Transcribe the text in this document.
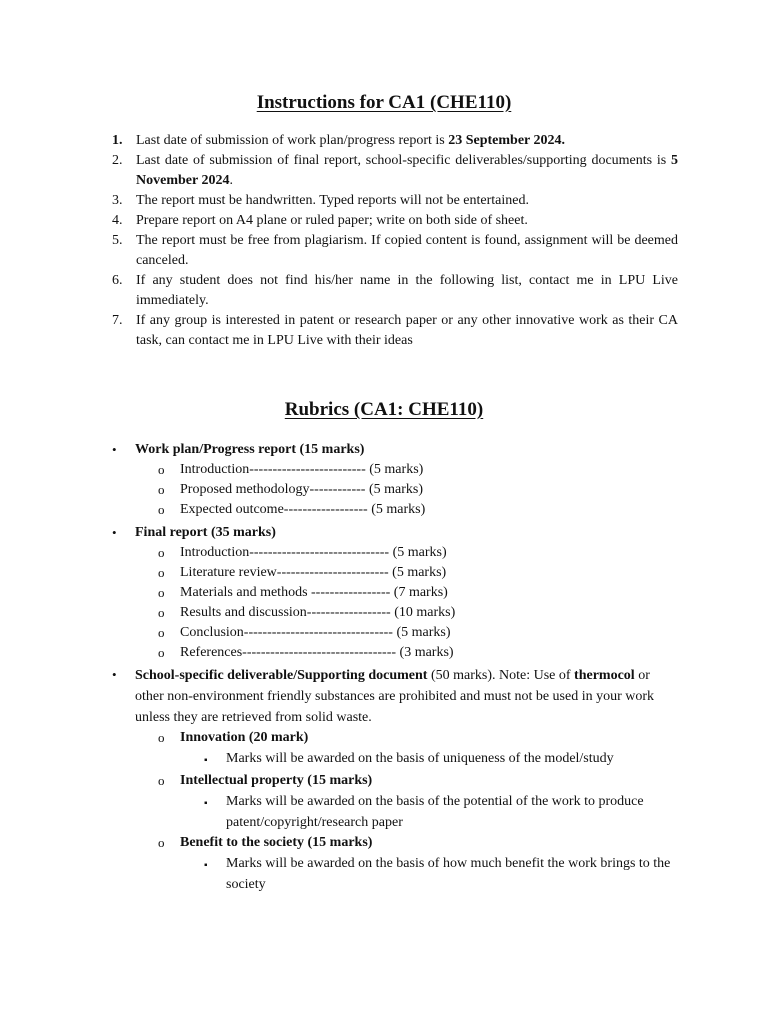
Instructions for CA1 (CHE110)
1. Last date of submission of work plan/progress report is 23 September 2024.
2. Last date of submission of final report, school-specific deliverables/supporting documents is 5 November 2024.
3. The report must be handwritten. Typed reports will not be entertained.
4. Prepare report on A4 plane or ruled paper; write on both side of sheet.
5. The report must be free from plagiarism. If copied content is found, assignment will be deemed canceled.
6. If any student does not find his/her name in the following list, contact me in LPU Live immediately.
7. If any group is interested in patent or research paper or any other innovative work as their CA task, can contact me in LPU Live with their ideas
Rubrics (CA1: CHE110)
•	Work plan/Progress report (15 marks)
o	Introduction------------------------- (5 marks)
o	Proposed methodology------------ (5 marks)
o	Expected outcome------------------ (5 marks)
•	Final report (35 marks)
o	Introduction------------------------------ (5 marks)
o	Literature review------------------------ (5 marks)
o	Materials and methods ----------------- (7 marks)
o	Results and discussion------------------ (10 marks)
o	Conclusion-------------------------------- (5 marks)
o	References--------------------------------- (3 marks)
•	School-specific deliverable/Supporting document (50 marks). Note: Use of thermocol or other non-environment friendly substances are prohibited and must not be used in your work unless they are retrieved from solid waste.
o	Innovation (20 mark)
▪	Marks will be awarded on the basis of uniqueness of the model/study
o	Intellectual property (15 marks)
▪	Marks will be awarded on the basis of the potential of the work to produce patent/copyright/research paper
o	Benefit to the society (15 marks)
▪	Marks will be awarded on the basis of how much benefit the work brings to the society
